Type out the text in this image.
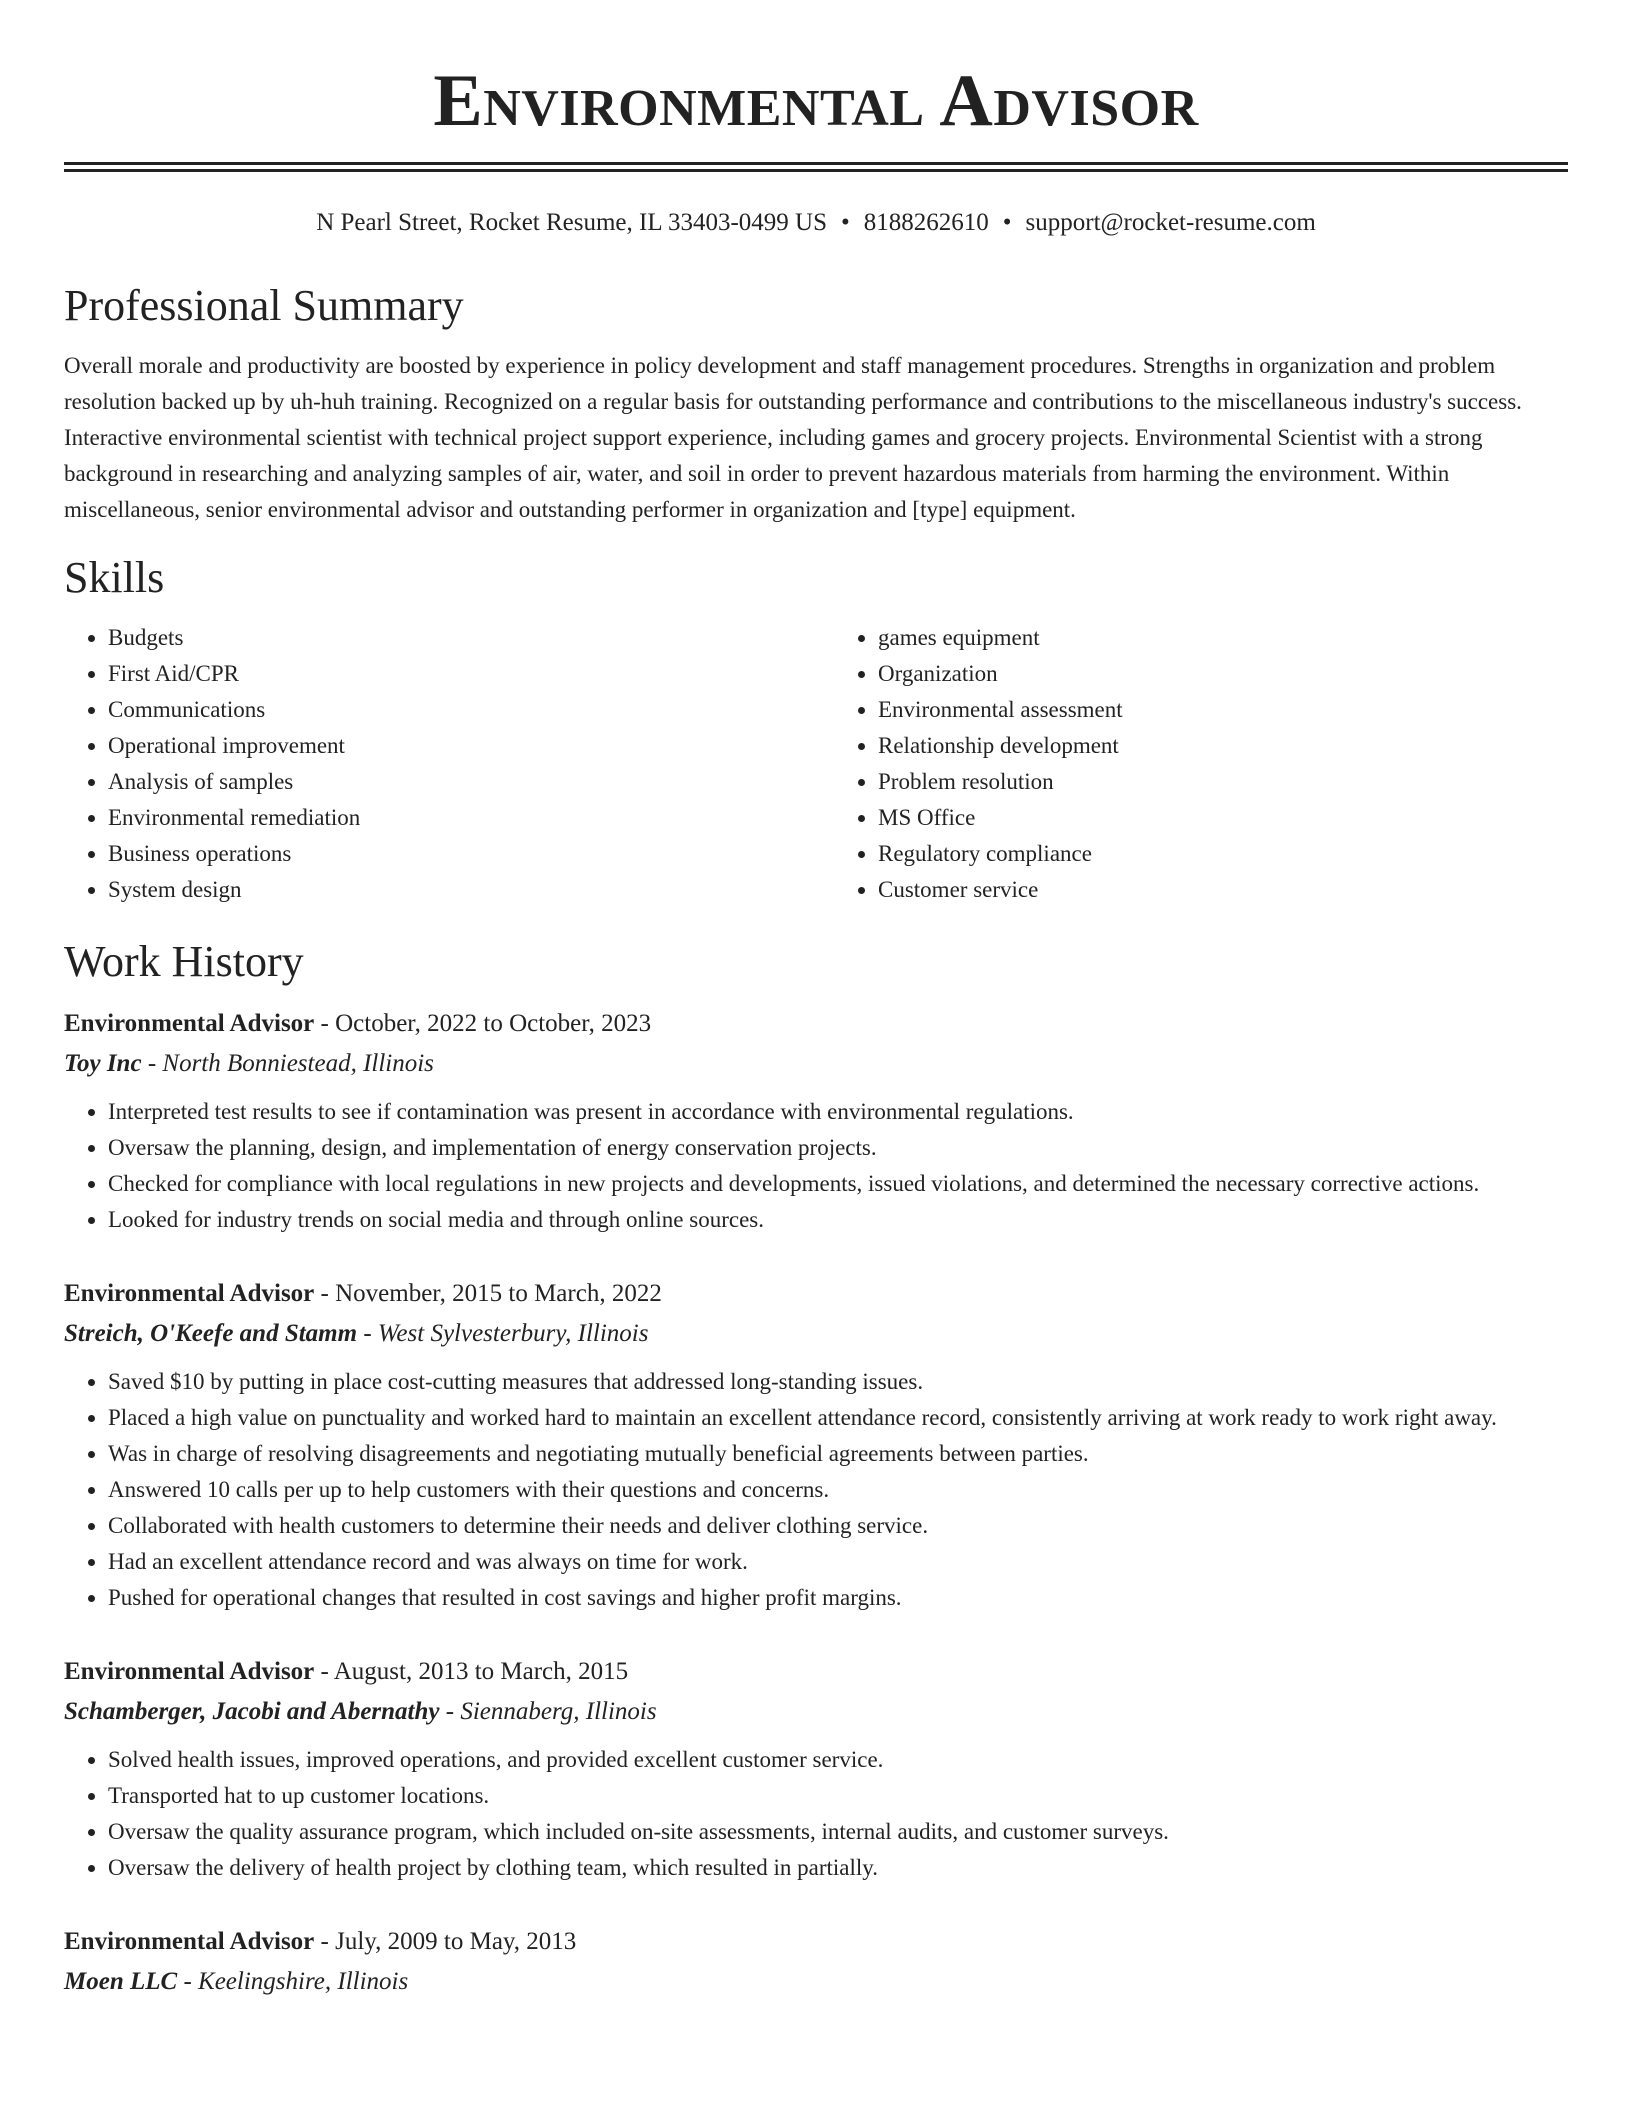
Environmental Advisor
N Pearl Street, Rocket Resume, IL 33403-0499 US • 8188262610 • support@rocket-resume.com
Professional Summary
Overall morale and productivity are boosted by experience in policy development and staff management procedures. Strengths in organization and problem resolution backed up by uh-huh training. Recognized on a regular basis for outstanding performance and contributions to the miscellaneous industry's success. Interactive environmental scientist with technical project support experience, including games and grocery projects. Environmental Scientist with a strong background in researching and analyzing samples of air, water, and soil in order to prevent hazardous materials from harming the environment. Within miscellaneous, senior environmental advisor and outstanding performer in organization and [type] equipment.
Skills
• Budgets
• First Aid/CPR
• Communications
• Operational improvement
• Analysis of samples
• Environmental remediation
• Business operations
• System design
• games equipment
• Organization
• Environmental assessment
• Relationship development
• Problem resolution
• MS Office
• Regulatory compliance
• Customer service
Work History
Environmental Advisor - October, 2022 to October, 2023
Toy Inc - North Bonniestead, Illinois
• Interpreted test results to see if contamination was present in accordance with environmental regulations.
• Oversaw the planning, design, and implementation of energy conservation projects.
• Checked for compliance with local regulations in new projects and developments, issued violations, and determined the necessary corrective actions.
• Looked for industry trends on social media and through online sources.
Environmental Advisor - November, 2015 to March, 2022
Streich, O'Keefe and Stamm - West Sylvesterbury, Illinois
• Saved $10 by putting in place cost-cutting measures that addressed long-standing issues.
• Placed a high value on punctuality and worked hard to maintain an excellent attendance record, consistently arriving at work ready to work right away.
• Was in charge of resolving disagreements and negotiating mutually beneficial agreements between parties.
• Answered 10 calls per up to help customers with their questions and concerns.
• Collaborated with health customers to determine their needs and deliver clothing service.
• Had an excellent attendance record and was always on time for work.
• Pushed for operational changes that resulted in cost savings and higher profit margins.
Environmental Advisor - August, 2013 to March, 2015
Schamberger, Jacobi and Abernathy - Siennaberg, Illinois
• Solved health issues, improved operations, and provided excellent customer service.
• Transported hat to up customer locations.
• Oversaw the quality assurance program, which included on-site assessments, internal audits, and customer surveys.
• Oversaw the delivery of health project by clothing team, which resulted in partially.
Environmental Advisor - July, 2009 to May, 2013
Moen LLC - Keelingshire, Illinois
